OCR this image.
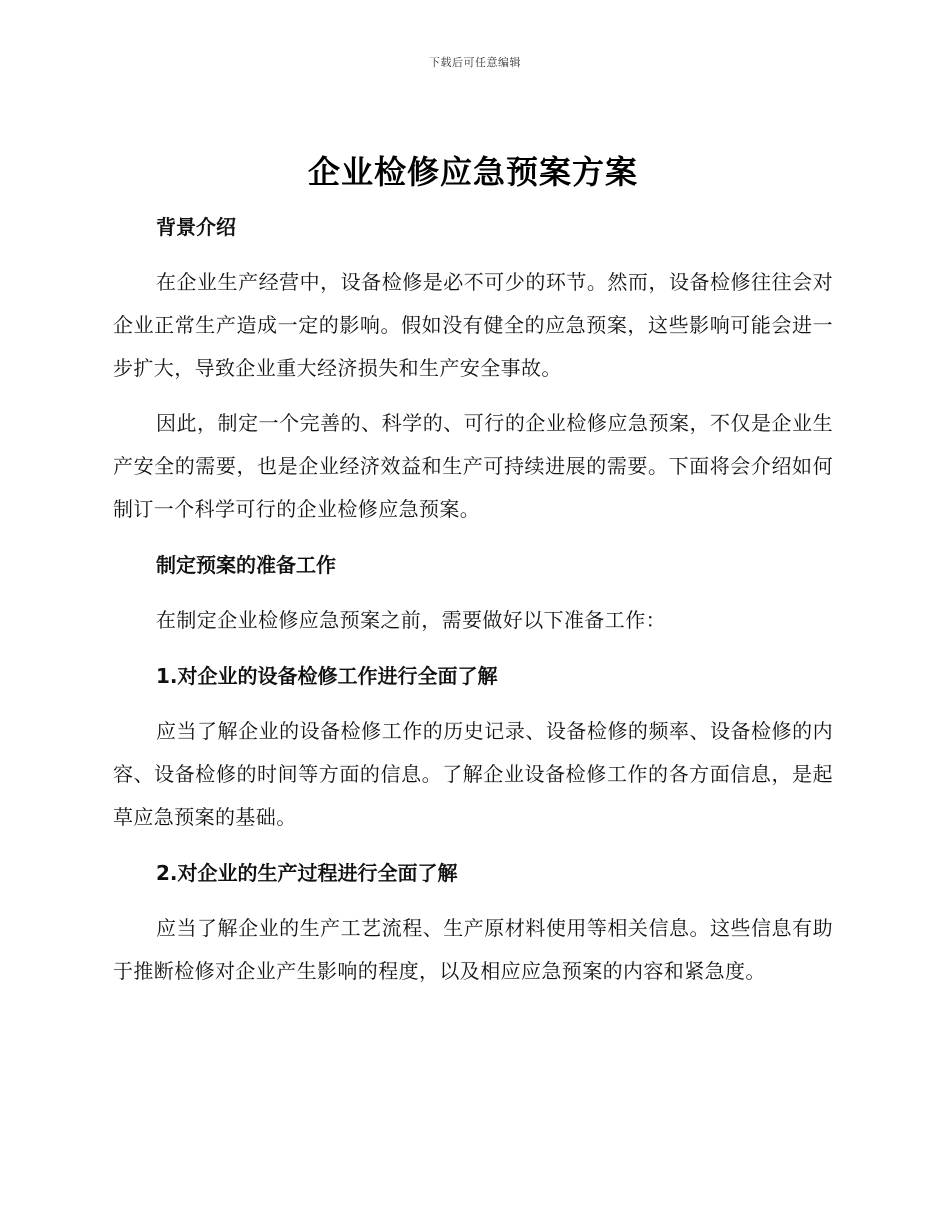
下载后可任意编辑
企业检修应急预案方案
背景介绍

在企业生产经营中，设备检修是必不可少的环节。然而，设备检修往往会对企业正常生产造成一定的影响。假如没有健全的应急预案，这些影响可能会进一步扩大，导致企业重大经济损失和生产安全事故。

因此，制定一个完善的、科学的、可行的企业检修应急预案，不仅是企业生产安全的需要，也是企业经济效益和生产可持续进展的需要。下面将会介绍如何制订一个科学可行的企业检修应急预案。

制定预案的准备工作

在制定企业检修应急预案之前，需要做好以下准备工作：

1.对企业的设备检修工作进行全面了解

应当了解企业的设备检修工作的历史记录、设备检修的频率、设备检修的内容、设备检修的时间等方面的信息。了解企业设备检修工作的各方面信息，是起草应急预案的基础。

2.对企业的生产过程进行全面了解

应当了解企业的生产工艺流程、生产原材料使用等相关信息。这些信息有助于推断检修对企业产生影响的程度，以及相应应急预案的内容和紧急度。
